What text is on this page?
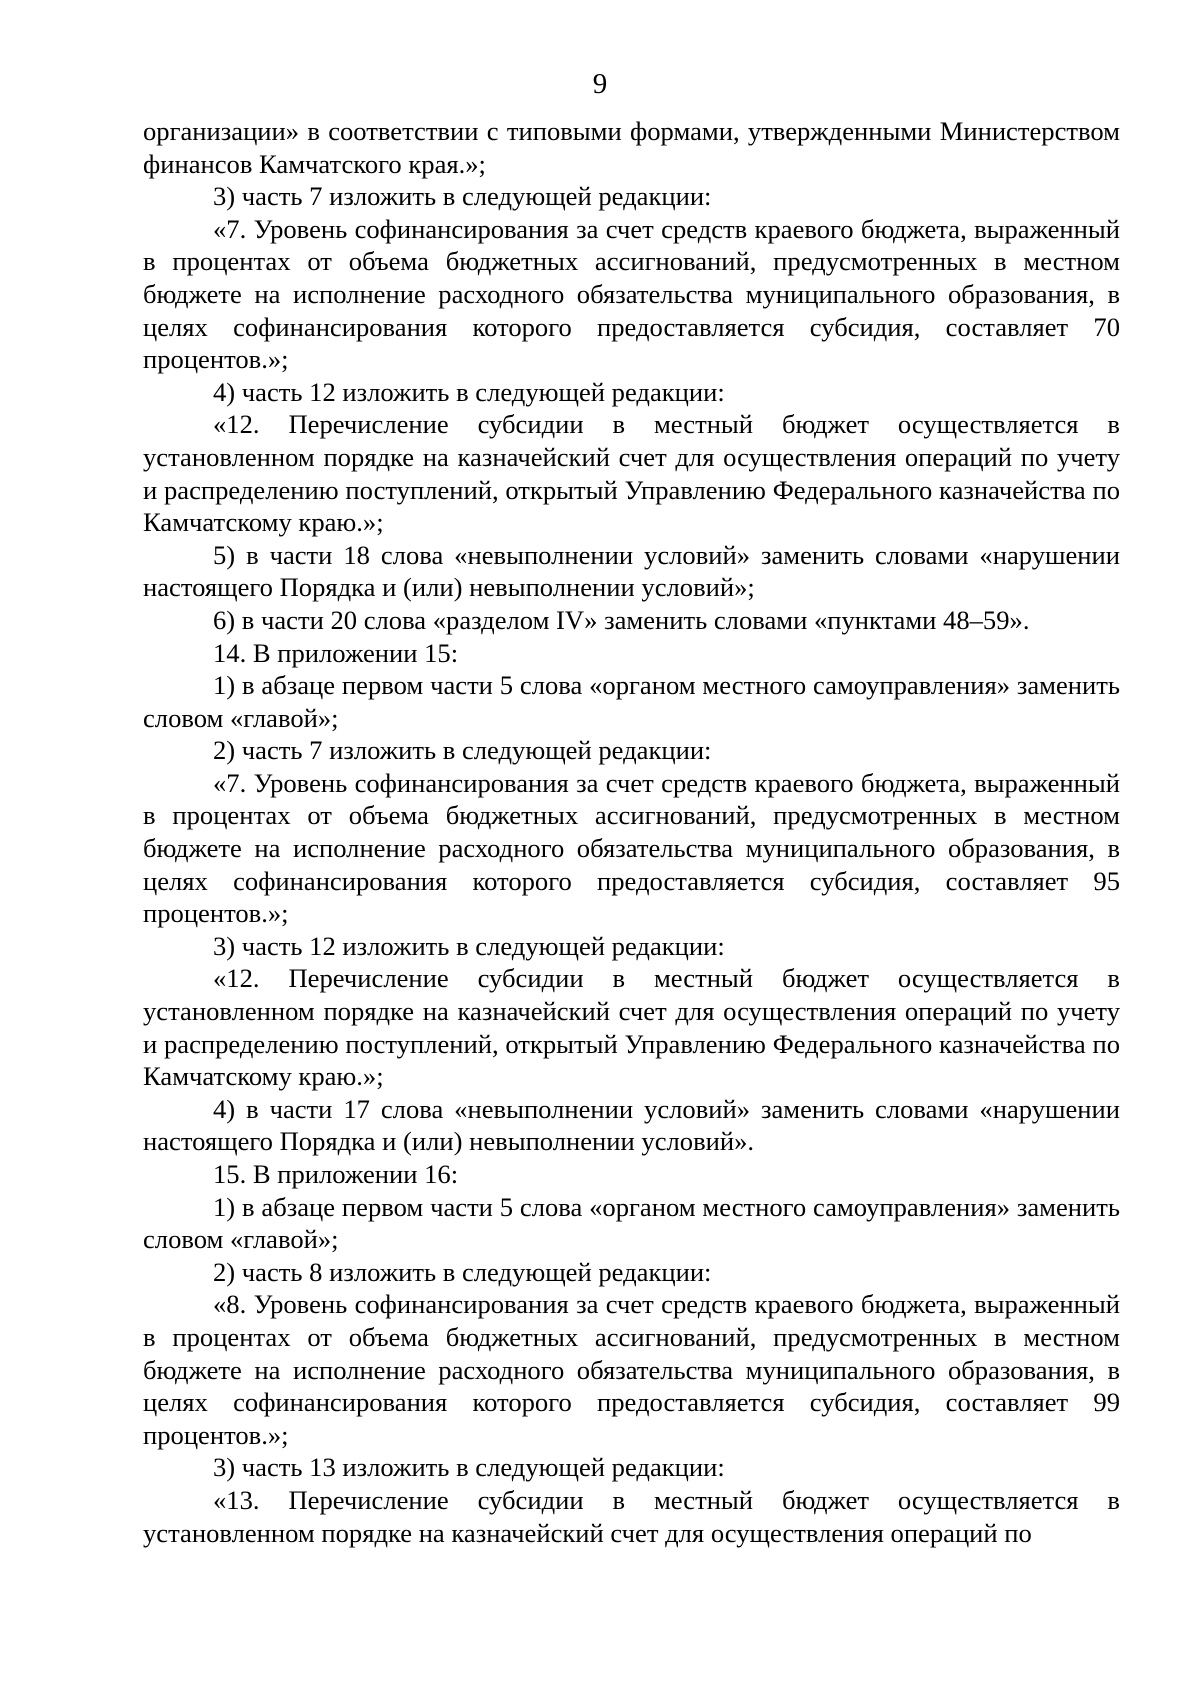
9

организации» в соответствии с типовыми формами, утвержденными Министерством финансов Камчатского края.»;

3) часть 7 изложить в следующей редакции:

«7. Уровень софинансирования за счет средств краевого бюджета, выраженный в процентах от объема бюджетных ассигнований, предусмотренных в местном бюджете на исполнение расходного обязательства муниципального образования, в целях софинансирования которого предоставляется субсидия, составляет 70 процентов.»;

4) часть 12 изложить в следующей редакции:

«12. Перечисление субсидии в местный бюджет осуществляется в установленном порядке на казначейский счет для осуществления операций по учету и распределению поступлений, открытый Управлению Федерального казначейства по Камчатскому краю.»;

5) в части 18 слова «невыполнении условий» заменить словами «нарушении настоящего Порядка и (или) невыполнении условий»;

6) в части 20 слова «разделом IV» заменить словами «пунктами 48–59».

14. В приложении 15:

1) в абзаце первом части 5 слова «органом местного самоуправления» заменить словом «главой»;

2) часть 7 изложить в следующей редакции:

«7. Уровень софинансирования за счет средств краевого бюджета, выраженный в процентах от объема бюджетных ассигнований, предусмотренных в местном бюджете на исполнение расходного обязательства муниципального образования, в целях софинансирования которого предоставляется субсидия, составляет 95 процентов.»;

3) часть 12 изложить в следующей редакции:

«12. Перечисление субсидии в местный бюджет осуществляется в установленном порядке на казначейский счет для осуществления операций по учету и распределению поступлений, открытый Управлению Федерального казначейства по Камчатскому краю.»;

4) в части 17 слова «невыполнении условий» заменить словами «нарушении настоящего Порядка и (или) невыполнении условий».

15. В приложении 16:

1) в абзаце первом части 5 слова «органом местного самоуправления» заменить словом «главой»;

2) часть 8 изложить в следующей редакции:

«8. Уровень софинансирования за счет средств краевого бюджета, выраженный в процентах от объема бюджетных ассигнований, предусмотренных в местном бюджете на исполнение расходного обязательства муниципального образования, в целях софинансирования которого предоставляется субсидия, составляет 99 процентов.»;

3) часть 13 изложить в следующей редакции:

«13. Перечисление субсидии в местный бюджет осуществляется в установленном порядке на казначейский счет для осуществления операций по
